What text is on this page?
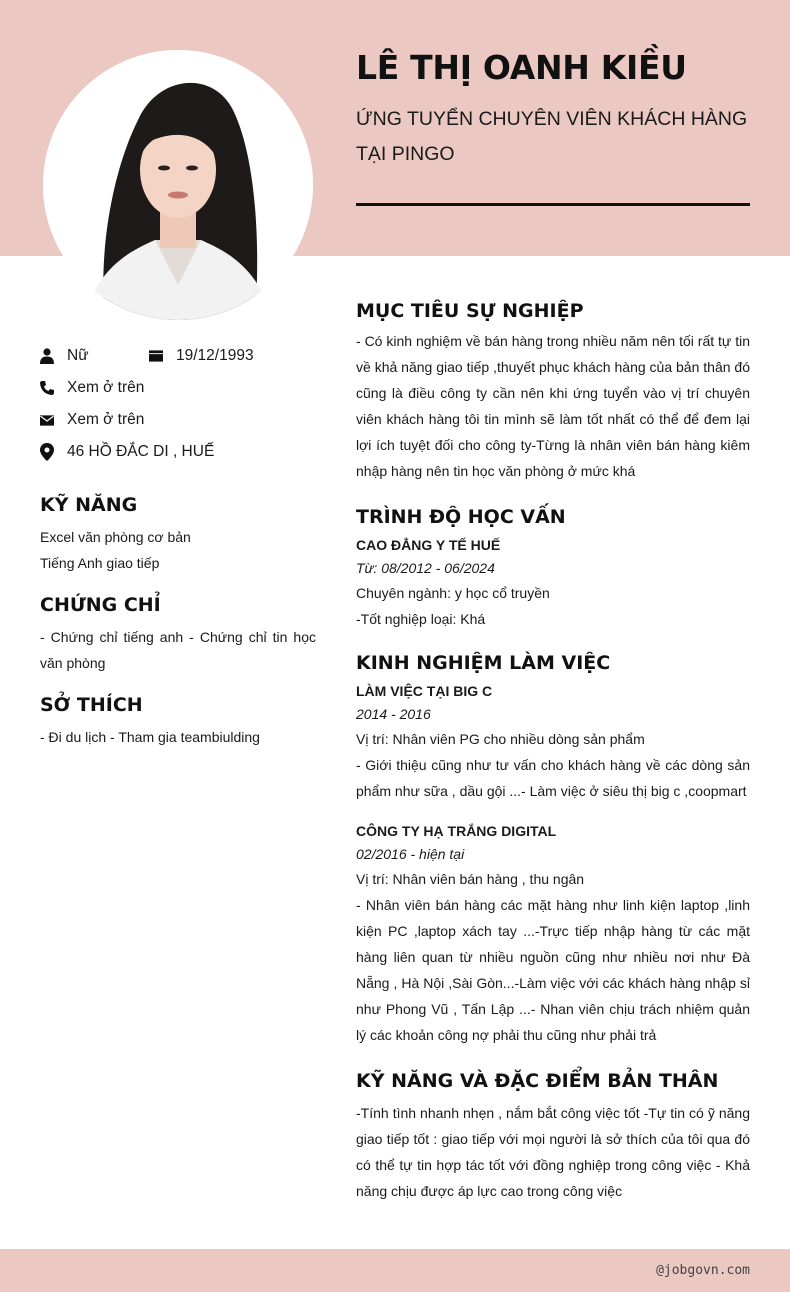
LÊ THỊ OANH KIỀU
ỨNG TUYỂN CHUYÊN VIÊN KHÁCH HÀNG
TẠI PINGO
Nữ	19/12/1993
Xem ở trên
Xem ở trên
46 HỒ ĐẮC DI , HUẾ
KỸ NĂNG
Excel văn phòng cơ bản
Tiếng Anh giao tiếp
CHỨNG CHỈ
- Chứng chỉ tiếng anh - Chứng chỉ tin học văn phòng
SỞ THÍCH
- Đi du lịch - Tham gia teambiulding
MỤC TIÊU SỰ NGHIỆP
- Có kinh nghiệm về bán hàng trong nhiều năm nên tối rất tự tin về khả năng giao tiếp ,thuyết phục khách hàng của bản thân đó cũng là điều công ty cần nên khi ứng tuyển vào vị trí chuyên viên khách hàng tôi tin mình sẽ làm tốt nhất có thể để đem lại lợi ích tuyệt đối cho công ty-Từng là nhân viên bán hàng kiêm nhập hàng nên tin học văn phòng ở mức khá
TRÌNH ĐỘ HỌC VẤN
CAO ĐẲNG Y TẾ HUẾ
Từ: 08/2012 - 06/2024
Chuyên ngành: y học cổ truyền
-Tốt nghiệp loại: Khá
KINH NGHIỆM LÀM VIỆC
LÀM VIỆC TẠI BIG C
2014 - 2016
Vị trí: Nhân viên PG cho nhiều dòng sản phẩm
- Giới thiệu cũng như tư vấn cho khách hàng về các dòng sản phẩm như sữa , dầu gội ...- Làm việc ở siêu thị big c ,coopmart
CÔNG TY HẠ TRẮNG DIGITAL
02/2016 - hiện tại
Vị trí: Nhân viên bán hàng , thu ngân
- Nhân viên bán hàng các mặt hàng như linh kiện laptop ,linh kiện PC ,laptop xách tay ...-Trực tiếp nhập hàng từ các mặt hàng liên quan từ nhiều nguồn cũng như nhiều nơi như Đà Nẵng , Hà Nội ,Sài Gòn...-Làm việc với các khách hàng nhập sỉ như Phong Vũ , Tấn Lập ...- Nhan viên chịu trách nhiệm quản lý các khoản công nợ phải thu cũng như phải trả
KỸ NĂNG VÀ ĐẶC ĐIỂM BẢN THÂN
-Tính tình nhanh nhẹn , nắm bắt công việc tốt -Tự tin có ỹ năng giao tiếp tốt : giao tiếp với mọi người là sở thích của tôi qua đó có thể tự tin hợp tác tốt với đồng nghiệp trong công việc - Khả năng chịu được áp lực cao trong công việc
@jobgovn.com
